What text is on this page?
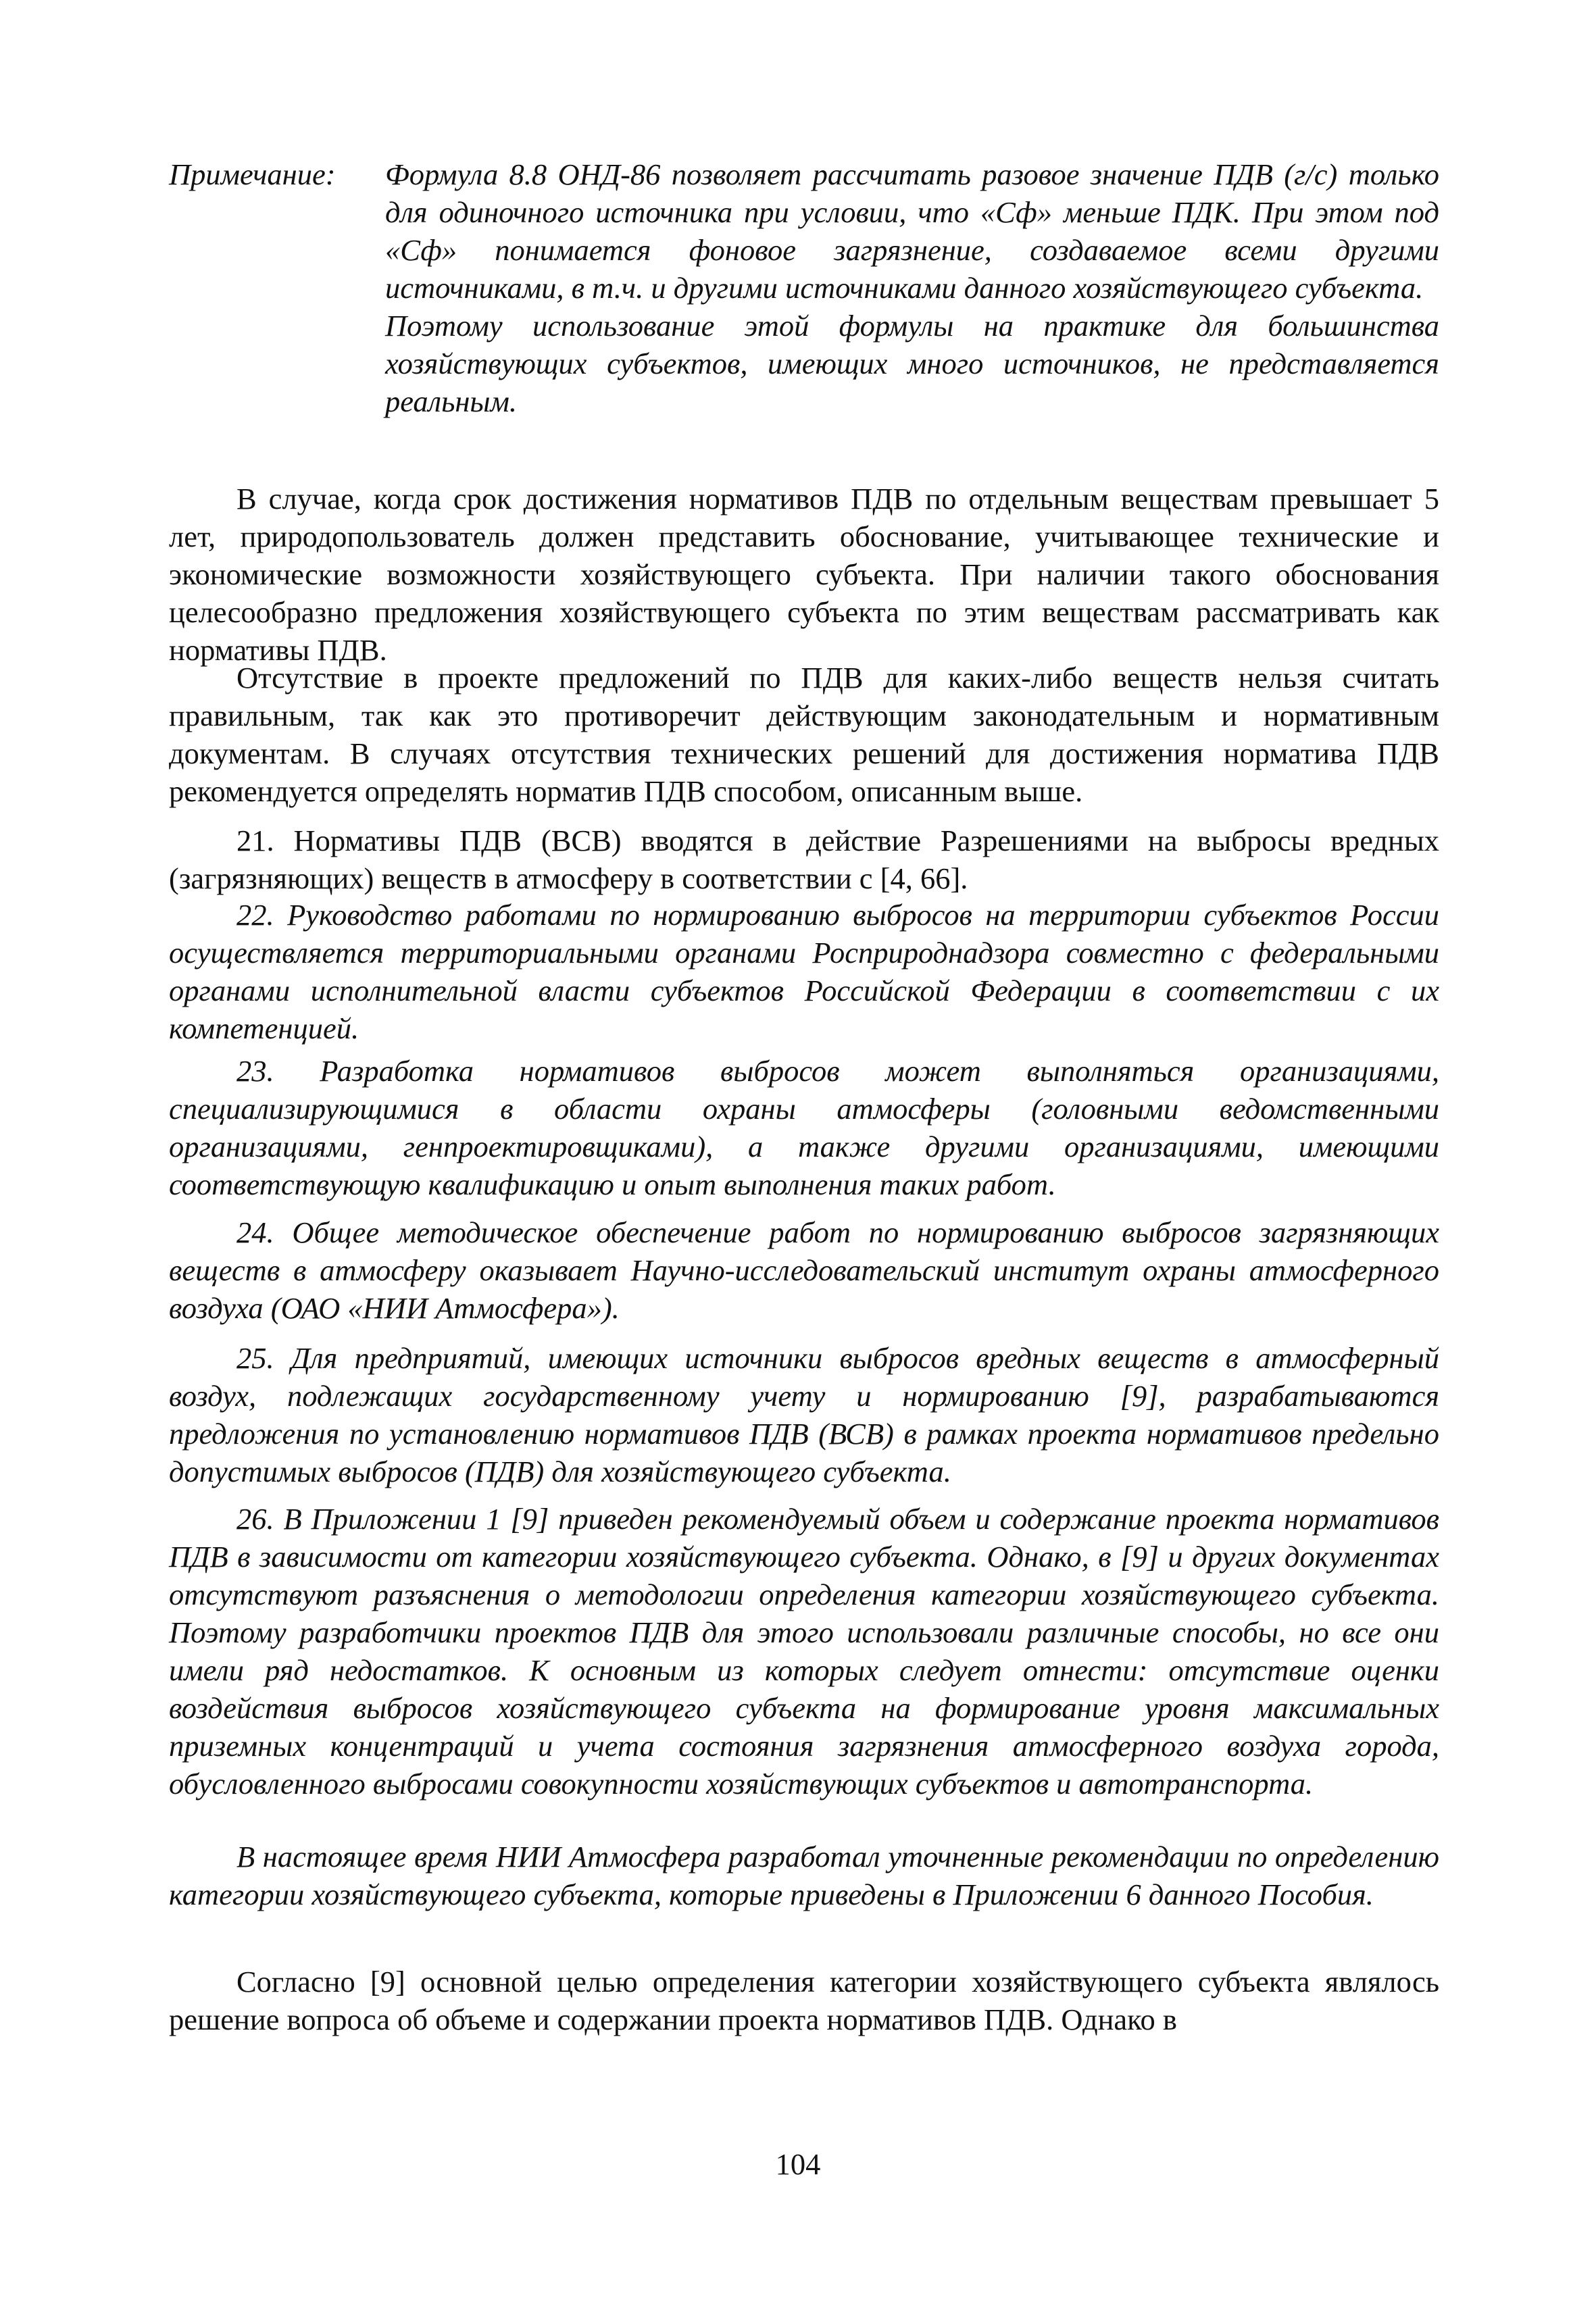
Примечание:	Формула 8.8 ОНД-86 позволяет рассчитать разовое значение ПДВ (г/с) только для одиночного источника при условии, что «Сф» меньше ПДК. При этом под «Сф» понимается фоновое загрязнение, создаваемое всеми другими источниками, в т.ч. и другими источниками данного хозяйствующего субъекта.

Поэтому использование этой формулы на практике для большинства хозяйствующих субъектов, имеющих много источников, не представляется реальным.

В случае, когда срок достижения нормативов ПДВ по отдельным веществам превышает 5 лет, природопользователь должен представить обоснование, учитывающее технические и экономические возможности хозяйствующего субъекта. При наличии такого обоснования целесообразно предложения хозяйствующего субъекта по этим веществам рассматривать как нормативы ПДВ.

Отсутствие в проекте предложений по ПДВ для каких-либо веществ нельзя считать правильным, так как это противоречит действующим законодательным и нормативным документам. В случаях отсутствия технических решений для достижения норматива ПДВ рекомендуется определять норматив ПДВ способом, описанным выше.

21. Нормативы ПДВ (ВСВ) вводятся в действие Разрешениями на выбросы вредных (загрязняющих) веществ в атмосферу в соответствии с [4, 66].

22. Руководство работами по нормированию выбросов на территории субъектов России осуществляется территориальными органами Росприроднадзора совместно с федеральными органами исполнительной власти субъектов Российской Федерации в соответствии с их компетенцией.

23. Разработка нормативов выбросов может выполняться организациями, специализирующимися в области охраны атмосферы (головными ведомственными организациями, генпроектировщиками), а также другими организациями, имеющими соответствующую квалификацию и опыт выполнения таких работ.

24. Общее методическое обеспечение работ по нормированию выбросов загрязняющих веществ в атмосферу оказывает Научно-исследовательский институт охраны атмосферного воздуха (ОАО «НИИ Атмосфера»).

25. Для предприятий, имеющих источники выбросов вредных веществ в атмосферный воздух, подлежащих государственному учету и нормированию [9], разрабатываются предложения по установлению нормативов ПДВ (ВСВ) в рамках проекта нормативов предельно допустимых выбросов (ПДВ) для хозяйствующего субъекта.

26. В Приложении 1 [9] приведен рекомендуемый объем и содержание проекта нормативов ПДВ в зависимости от категории хозяйствующего субъекта. Однако, в [9] и других документах отсутствуют разъяснения о методологии определения категории хозяйствующего субъекта. Поэтому разработчики проектов ПДВ для этого использовали различные способы, но все они имели ряд недостатков. К основным из которых следует отнести: отсутствие оценки воздействия выбросов хозяйствующего субъекта на формирование уровня максимальных приземных концентраций и учета состояния загрязнения атмосферного воздуха города, обусловленного выбросами совокупности хозяйствующих субъектов и автотранспорта.

В настоящее время НИИ Атмосфера разработал уточненные рекомендации по определению категории хозяйствующего субъекта, которые приведены в Приложении 6 данного Пособия.

Согласно [9] основной целью определения категории хозяйствующего субъекта являлось решение вопроса об объеме и содержании проекта нормативов ПДВ. Однако в

104
